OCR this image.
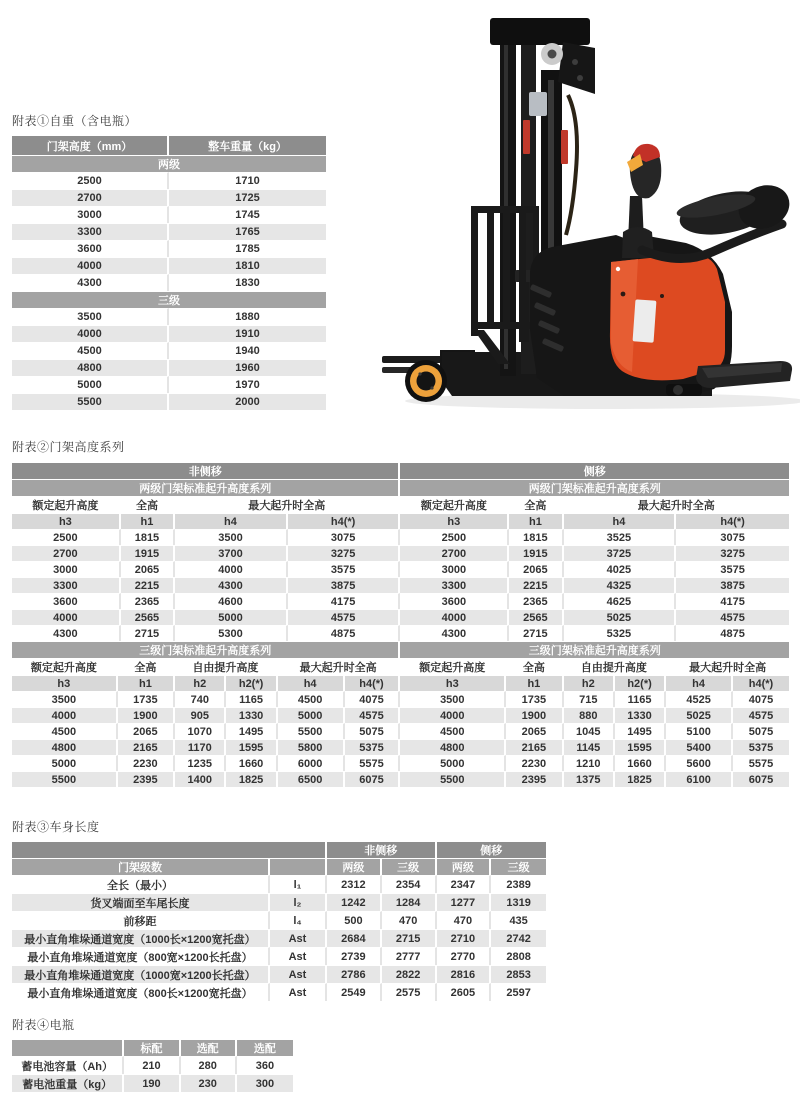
附表①自重（含电瓶）
门架高度（mm）	整车重量（kg）
两级	
2500	1710
2700	1725
3000	1745
3300	1765
3600	1785
4000	1810
4300	1830
三级	
3500	1880
4000	1910
4500	1940
4800	1960
5000	1970
5500	2000
附表②门架高度系列
非侧移				侧移			
两级门架标准起升高度系列				两级门架标准起升高度系列			
额定起升高度	全高	最大起升时全高		额定起升高度	全高	最大起升时全高	
h3	h1	h4	h4(*)	h3	h1	h4	h4(*)
2500	1815	3500	3075	2500	1815	3525	3075
2700	1915	3700	3275	2700	1915	3725	3275
3000	2065	4000	3575	3000	2065	4025	3575
3300	2215	4300	3875	3300	2215	4325	3875
3600	2365	4600	4175	3600	2365	4625	4175
4000	2565	5000	4575	4000	2565	5025	4575
4300	2715	5300	4875	4300	2715	5325	4875
三级门架标准起升高度系列						三级门架标准起升高度系列					
额定起升高度	全高	自由提升高度		最大起升时全高		额定起升高度	全高	自由提升高度		最大起升时全高	
h3	h1	h2	h2(*)	h4	h4(*)	h3	h1	h2	h2(*)	h4	h4(*)
3500	1735	740	1165	4500	4075	3500	1735	715	1165	4525	4075
4000	1900	905	1330	5000	4575	4000	1900	880	1330	5025	4575
4500	2065	1070	1495	5500	5075	4500	2065	1045	1495	5100	5075
4800	2165	1170	1595	5800	5375	4800	2165	1145	1595	5400	5375
5000	2230	1235	1660	6000	5575	5000	2230	1210	1660	5600	5575
5500	2395	1400	1825	6500	6075	5500	2395	1375	1825	6100	6075
附表③车身长度
		非侧移		侧移	
门架级数		两级	三级	两级	三级
全长（最小）	l₁	2312	2354	2347	2389
货叉端面至车尾长度	l₂	1242	1284	1277	1319
前移距	l₄	500	470	470	435
最小直角堆垛通道宽度（1000长×1200宽托盘）	Ast	2684	2715	2710	2742
最小直角堆垛通道宽度（800宽×1200长托盘）	Ast	2739	2777	2770	2808
最小直角堆垛通道宽度（1000宽×1200长托盘）	Ast	2786	2822	2816	2853
最小直角堆垛通道宽度（800长×1200宽托盘）	Ast	2549	2575	2605	2597
附表④电瓶
	标配	选配	选配
蓄电池容量（Ah）	210	280	360
蓄电池重量（kg）	190	230	300
